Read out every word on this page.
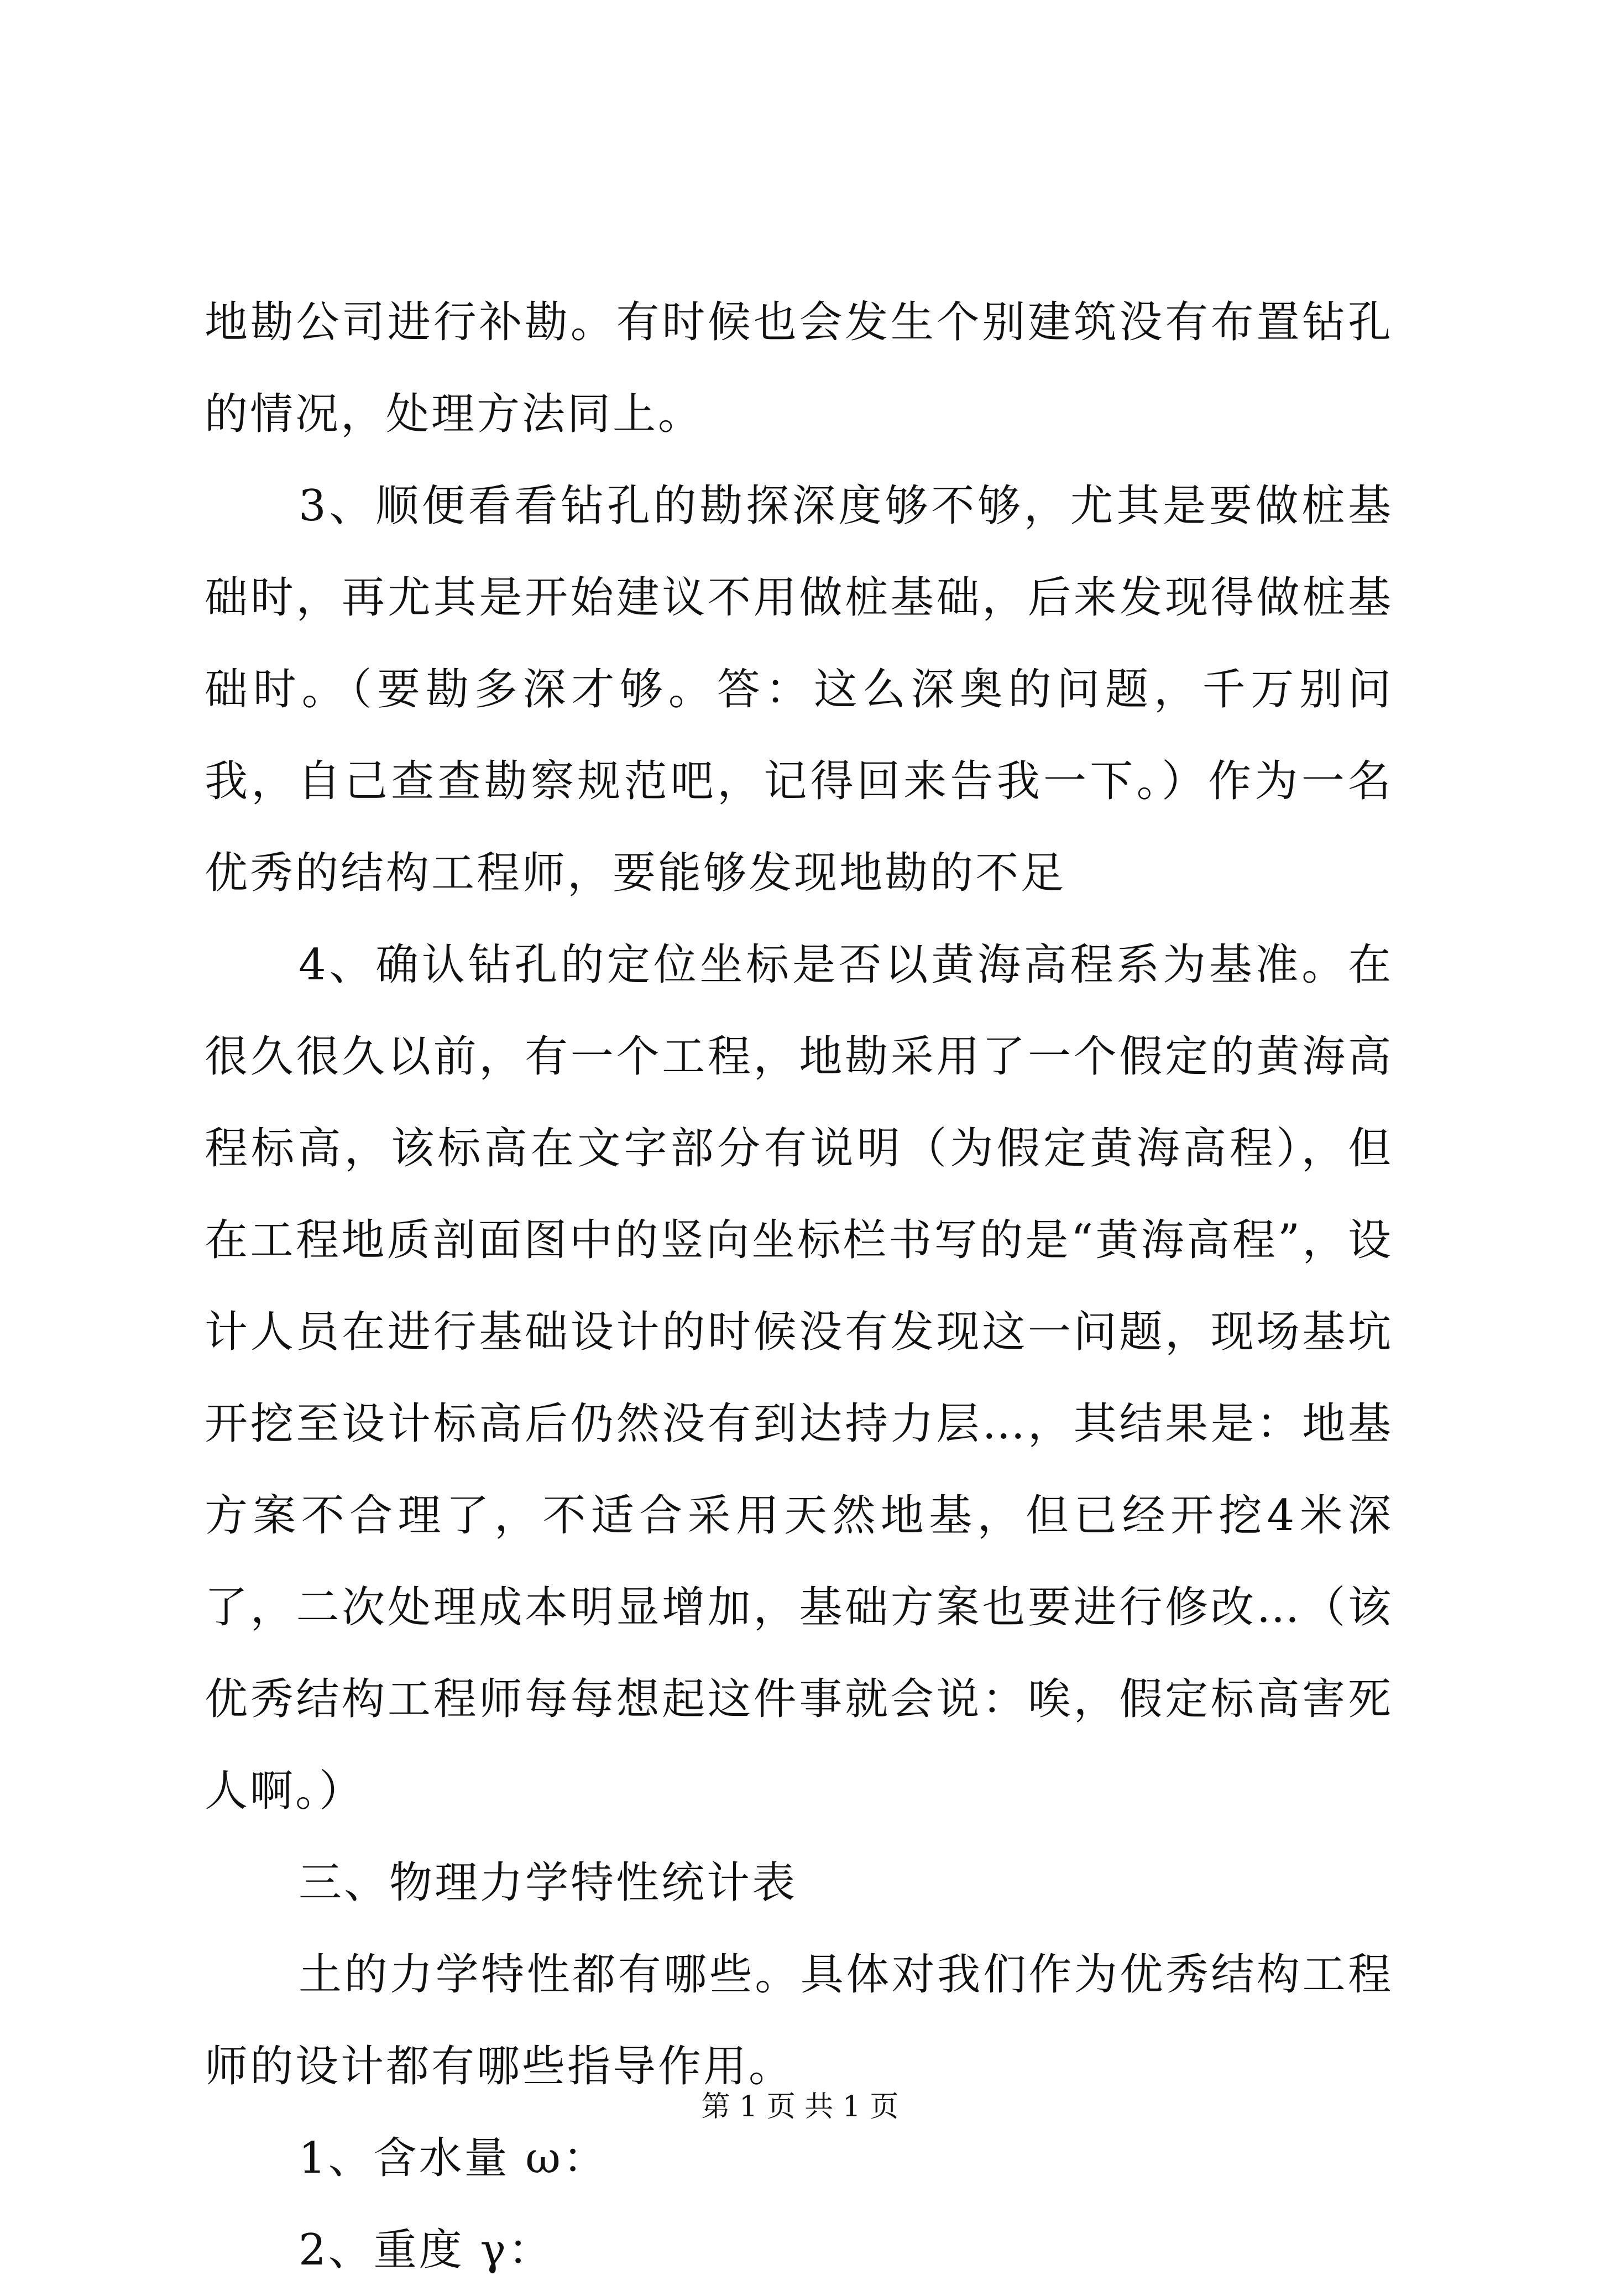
地勘公司进行补勘。有时候也会发生个别建筑没有布置钻孔的情况，处理方法同上。

3、顺便看看钻孔的勘探深度够不够，尤其是要做桩基础时，再尤其是开始建议不用做桩基础，后来发现得做桩基础时。（要勘多深才够。答：这么深奥的问题，千万别问我，自己查查勘察规范吧，记得回来告我一下。）作为一名优秀的结构工程师，要能够发现地勘的不足

4、确认钻孔的定位坐标是否以黄海高程系为基准。在很久很久以前，有一个工程，地勘采用了一个假定的黄海高程标高，该标高在文字部分有说明（为假定黄海高程），但在工程地质剖面图中的竖向坐标栏书写的是“黄海高程”，设计人员在进行基础设计的时候没有发现这一问题，现场基坑开挖至设计标高后仍然没有到达持力层…，其结果是：地基方案不合理了，不适合采用天然地基，但已经开挖4米深了，二次处理成本明显增加，基础方案也要进行修改…（该优秀结构工程师每每想起这件事就会说：唉，假定标高害死人啊。）

三、物理力学特性统计表

土的力学特性都有哪些。具体对我们作为优秀结构工程师的设计都有哪些指导作用。

1、含水量 ω：

2、重度 γ：

第 1 页 共 1 页
